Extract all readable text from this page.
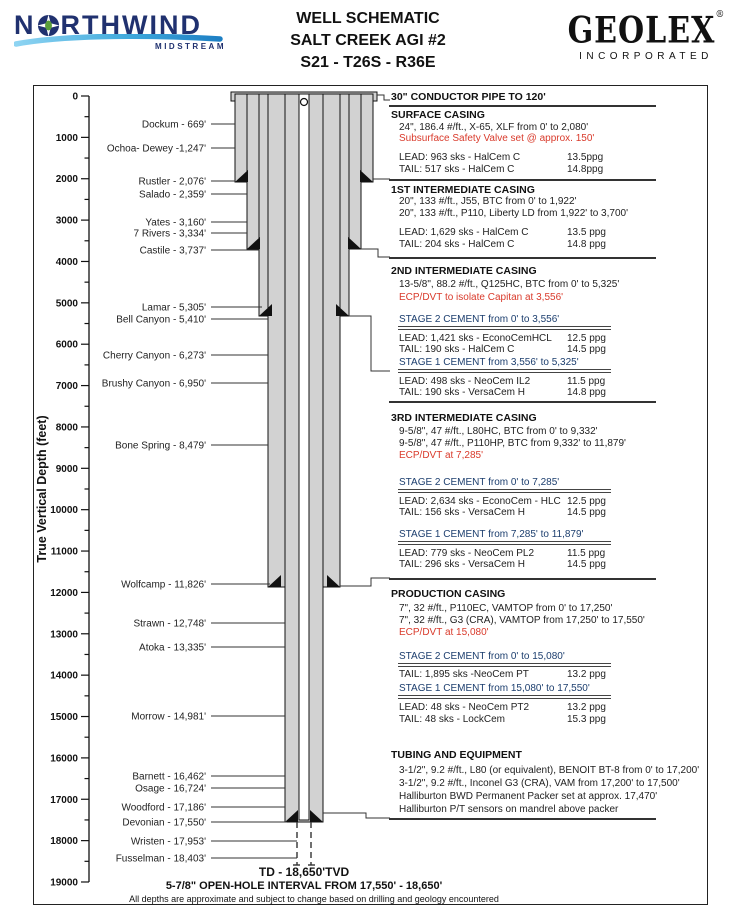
N RTHWIND
MIDSTREAM
WELL SCHEMATIC
SALT CREEK AGI #2
S21 - T26S - R36E
GEOLEX®
INCORPORATED
0
1000
2000
3000
4000
5000
6000
7000
8000
9000
10000
11000
12000
13000
14000
15000
16000
17000
18000
19000
True Vertical Depth (feet)
Dockum - 669'
Ochoa- Dewey -1,247'
Rustler - 2,076'
Salado - 2,359'
Yates - 3,160'
7 Rivers - 3,334'
Castile - 3,737'
Lamar - 5,305'
Bell Canyon - 5,410'
Cherry Canyon - 6,273'
Brushy Canyon - 6,950'
Bone Spring - 8,479'
Wolfcamp - 11,826'
Strawn - 12,748'
Atoka - 13,335'
Morrow - 14,981'
Barnett - 16,462'
Osage - 16,724'
Woodford - 17,186'
Devonian - 17,550'
Wristen - 17,953'
Fusselman - 18,403'
30" CONDUCTOR PIPE TO 120'
SURFACE CASING
24", 186.4 #/ft., X-65, XLF from 0' to 2,080'
Subsurface Safety Valve set @ approx. 150'
LEAD: 963 sks - HalCem C	13.5ppg
TAIL: 517 sks - HalCem C	14.8ppg
1ST INTERMEDIATE CASING
20", 133 #/ft., J55, BTC from 0' to 1,922'
20", 133 #/ft., P110, Liberty LD from 1,922' to 3,700'
LEAD: 1,629 sks - HalCem C	13.5 ppg
TAIL: 204 sks - HalCem C	14.8 ppg
2ND INTERMEDIATE CASING
13-5/8", 88.2 #/ft., Q125HC, BTC from 0' to 5,325'
ECP/DVT to isolate Capitan at 3,556'
STAGE 2 CEMENT from 0' to 3,556'
LEAD: 1,421 sks - EconoCemHCL 12.5 ppg
TAIL: 190 sks - HalCem C	14.5 ppg
STAGE 1 CEMENT from 3,556' to 5,325'
LEAD: 498 sks - NeoCem IL2	11.5 ppg
TAIL: 190 sks - VersaCem H	14.8 ppg
3RD INTERMEDIATE CASING
9-5/8", 47 #/ft., L80HC, BTC from 0' to 9,332'
9-5/8", 47 #/ft., P110HP, BTC from 9,332' to 11,879'
ECP/DVT at 7,285'
STAGE 2 CEMENT from 0' to 7,285'
LEAD: 2,634 sks - EconoCem - HLC 12.5 ppg
TAIL: 156 sks - VersaCem H	14.5 ppg
STAGE 1 CEMENT from 7,285' to 11,879'
LEAD: 779 sks - NeoCem PL2	11.5 ppg
TAIL: 296 sks - VersaCem H	14.5 ppg
PRODUCTION CASING
7", 32 #/ft., P110EC, VAMTOP from 0' to 17,250'
7", 32 #/ft., G3 (CRA), VAMTOP from 17,250' to 17,550'
ECP/DVT at 15,080'
STAGE 2 CEMENT from 0' to 15,080'
TAIL: 1,895 sks -NeoCem PT	13.2 ppg
STAGE 1 CEMENT from 15,080' to 17,550'
LEAD: 48 sks - NeoCem PT2	13.2 ppg
TAIL: 48 sks - LockCem	15.3 ppg
TUBING AND EQUIPMENT
3-1/2", 9.2 #/ft., L80 (or equivalent), BENOIT BT-8 from 0' to 17,200'
3-1/2", 9.2 #/ft., Inconel G3 (CRA), VAM from 17,200' to 17,500'
Halliburton BWD Permanent Packer set at approx. 17,470'
Halliburton P/T sensors on mandrel above packer
TD - 18,650'TVD
5-7/8" OPEN-HOLE INTERVAL FROM 17,550' - 18,650'
All depths are approximate and subject to change based on drilling and geology encountered
